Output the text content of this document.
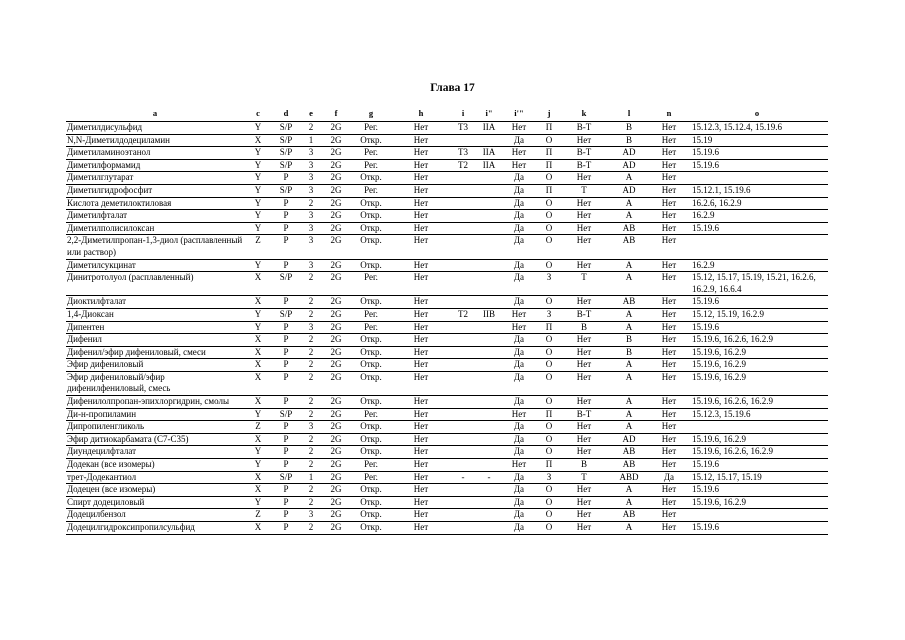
Глава 17
a	c	d	e	f	g	h	i	i"	i'"	j	k	l	n	o
Диметилдисульфид	Y	S/P	2	2G	Рег.	Нет	T3	IIA	Нет	П	В-Т	В	Нет	15.12.3, 15.12.4, 15.19.6
N,N-Диметилдодециламин	X	S/P	1	2G	Откр.	Нет			Да	О	Нет	В	Нет	15.19
Диметиламиноэтанол	Y	S/P	3	2G	Рег.	Нет	T3	IIA	Нет	П	В-Т	AD	Нет	15.19.6
Диметилформамид	Y	S/P	3	2G	Рег.	Нет	T2	IIA	Нет	П	В-Т	AD	Нет	15.19.6
Диметилглутарат	Y	P	3	2G	Откр.	Нет			Да	О	Нет	A	Нет	
Диметилгидрофосфит	Y	S/P	3	2G	Рег.	Нет			Да	П	Т	AD	Нет	15.12.1, 15.19.6
Кислота деметилоктиловая	Y	P	2	2G	Откр.	Нет			Да	О	Нет	A	Нет	16.2.6, 16.2.9
Диметилфталат	Y	P	3	2G	Откр.	Нет			Да	О	Нет	A	Нет	16.2.9
Диметилполисилоксан	Y	P	3	2G	Откр.	Нет			Да	О	Нет	AB	Нет	15.19.6
2,2-Диметилпропан-1,3-диол (расплавленный или раствор)	Z	P	3	2G	Откр.	Нет			Да	О	Нет	AB	Нет	
Диметилсукцинат	Y	P	3	2G	Откр.	Нет			Да	О	Нет	A	Нет	16.2.9
Динитротолуол (расплавленный)	X	S/P	2	2G	Рег.	Нет			Да	З	Т	A	Нет	15.12, 15.17, 15.19, 15.21, 16.2.6, 16.2.9, 16.6.4
Диоктилфталат	X	P	2	2G	Откр.	Нет			Да	О	Нет	AB	Нет	15.19.6
1,4-Диоксан	Y	S/P	2	2G	Рег.	Нет	T2	IIB	Нет	З	В-Т	A	Нет	15.12, 15.19, 16.2.9
Дипентен	Y	P	3	2G	Рег.	Нет			Нет	П	В	A	Нет	15.19.6
Дифенил	X	P	2	2G	Откр.	Нет			Да	О	Нет	В	Нет	15.19.6, 16.2.6, 16.2.9
Дифенил/эфир дифениловый, смеси	X	P	2	2G	Откр.	Нет			Да	О	Нет	В	Нет	15.19.6, 16.2.9
Эфир дифениловый	X	P	2	2G	Откр.	Нет			Да	О	Нет	A	Нет	15.19.6, 16.2.9
Эфир дифениловый/эфир дифенилфениловый, смесь	X	P	2	2G	Откр.	Нет			Да	О	Нет	A	Нет	15.19.6, 16.2.9
Дифенилолпропан-эпихлоргидрин, смолы	X	P	2	2G	Откр.	Нет			Да	О	Нет	A	Нет	15.19.6, 16.2.6, 16.2.9
Ди-н-пропиламин	Y	S/P	2	2G	Рег.	Нет			Нет	П	В-Т	A	Нет	15.12.3, 15.19.6
Дипропиленгликоль	Z	P	3	2G	Откр.	Нет			Да	О	Нет	A	Нет	
Эфир дитиокарбамата (C7-C35)	X	P	2	2G	Откр.	Нет			Да	О	Нет	AD	Нет	15.19.6, 16.2.9
Диундецилфталат	Y	P	2	2G	Откр.	Нет			Да	О	Нет	AB	Нет	15.19.6, 16.2.6, 16.2.9
Додекан (все изомеры)	Y	P	2	2G	Рег.	Нет			Нет	П	В	AB	Нет	15.19.6
трет-Додекантиол	X	S/P	1	2G	Рег.	Нет	-	-	Да	З	Т	ABD	Да	15.12, 15.17, 15.19
Додецен (все изомеры)	X	P	2	2G	Откр.	Нет			Да	О	Нет	A	Нет	15.19.6
Спирт додециловый	Y	P	2	2G	Откр.	Нет			Да	О	Нет	A	Нет	15.19.6, 16.2.9
Додецилбензол	Z	P	3	2G	Откр.	Нет			Да	О	Нет	AB	Нет	
Додецилгидроксипропилсульфид	X	P	2	2G	Откр.	Нет			Да	О	Нет	A	Нет	15.19.6
